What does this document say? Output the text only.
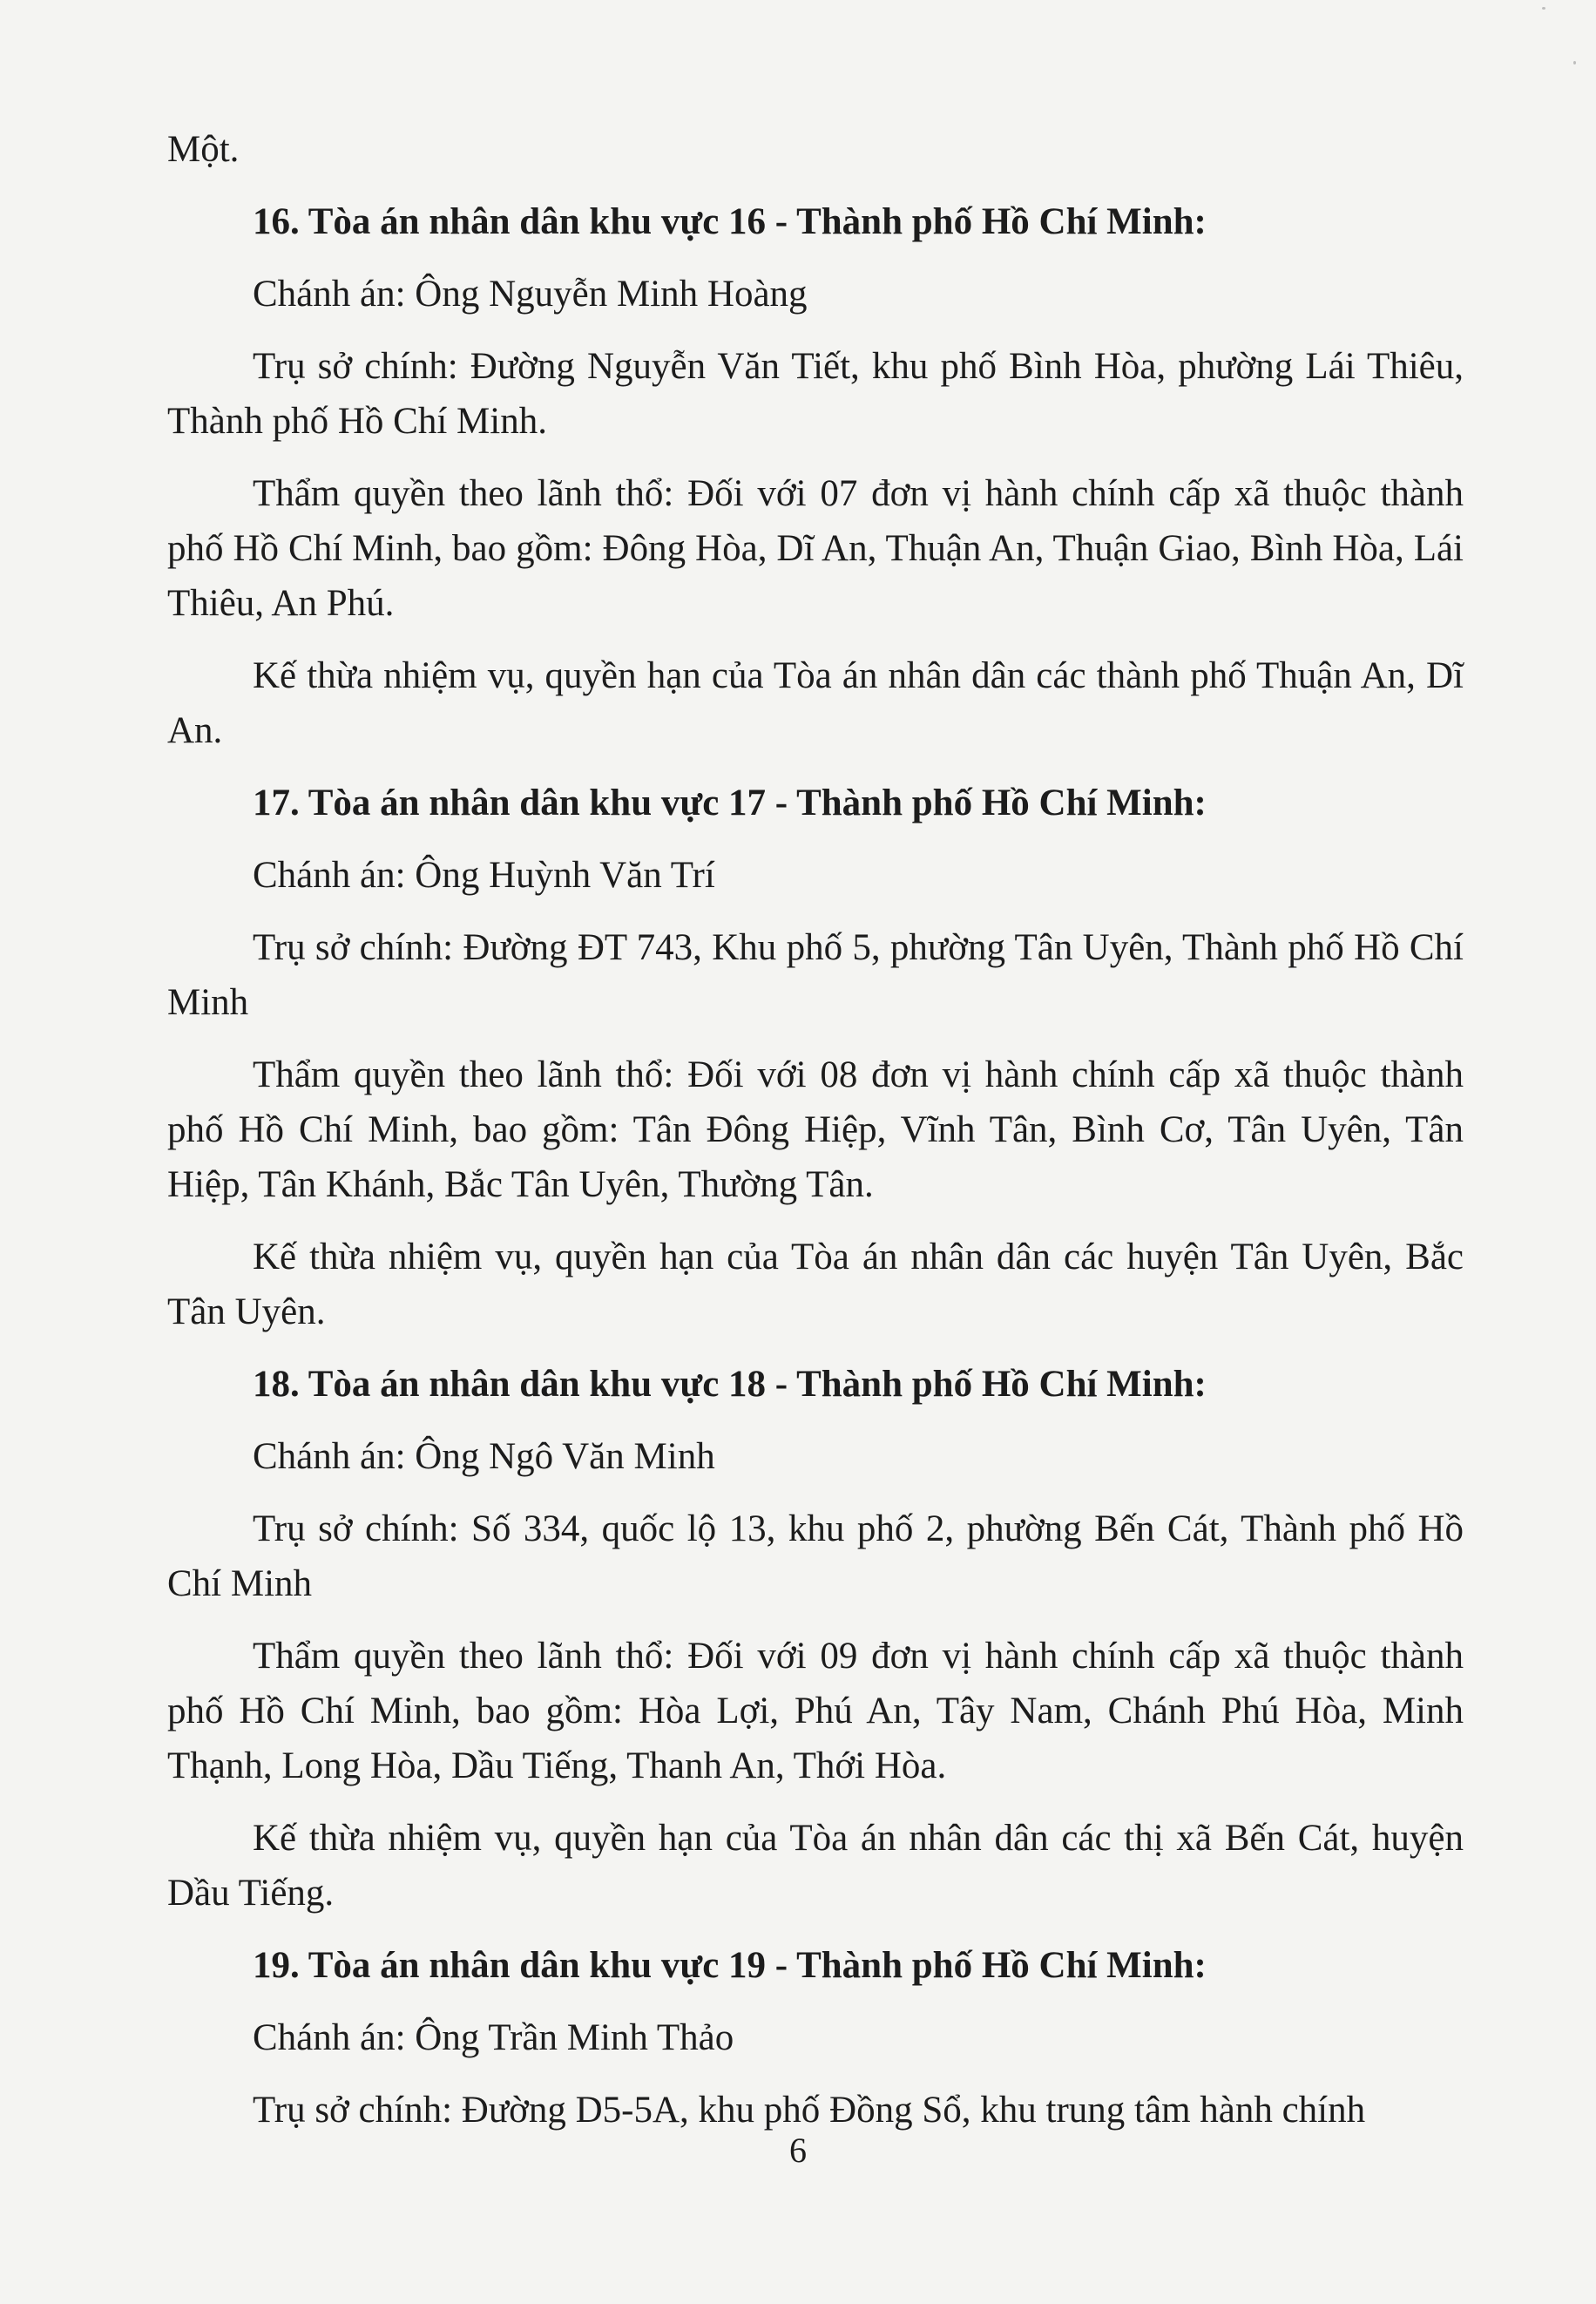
Một.

16. Tòa án nhân dân khu vực 16 - Thành phố Hồ Chí Minh:

Chánh án: Ông Nguyễn Minh Hoàng

Trụ sở chính: Đường Nguyễn Văn Tiết, khu phố Bình Hòa, phường Lái Thiêu, Thành phố Hồ Chí Minh.

Thẩm quyền theo lãnh thổ: Đối với 07 đơn vị hành chính cấp xã thuộc thành phố Hồ Chí Minh, bao gồm: Đông Hòa, Dĩ An, Thuận An, Thuận Giao, Bình Hòa, Lái Thiêu, An Phú.

Kế thừa nhiệm vụ, quyền hạn của Tòa án nhân dân các thành phố Thuận An, Dĩ An.

17. Tòa án nhân dân khu vực 17 - Thành phố Hồ Chí Minh:

Chánh án: Ông Huỳnh Văn Trí

Trụ sở chính: Đường ĐT 743, Khu phố 5, phường Tân Uyên, Thành phố Hồ Chí Minh

Thẩm quyền theo lãnh thổ: Đối với 08 đơn vị hành chính cấp xã thuộc thành phố Hồ Chí Minh, bao gồm: Tân Đông Hiệp, Vĩnh Tân, Bình Cơ, Tân Uyên, Tân Hiệp, Tân Khánh, Bắc Tân Uyên, Thường Tân.

Kế thừa nhiệm vụ, quyền hạn của Tòa án nhân dân các huyện Tân Uyên, Bắc Tân Uyên.

18. Tòa án nhân dân khu vực 18 - Thành phố Hồ Chí Minh:

Chánh án: Ông Ngô Văn Minh

Trụ sở chính: Số 334, quốc lộ 13, khu phố 2, phường Bến Cát, Thành phố Hồ Chí Minh

Thẩm quyền theo lãnh thổ: Đối với 09 đơn vị hành chính cấp xã thuộc thành phố Hồ Chí Minh, bao gồm: Hòa Lợi, Phú An, Tây Nam, Chánh Phú Hòa, Minh Thạnh, Long Hòa, Dầu Tiếng, Thanh An, Thới Hòa.

Kế thừa nhiệm vụ, quyền hạn của Tòa án nhân dân các thị xã Bến Cát, huyện Dầu Tiếng.

19. Tòa án nhân dân khu vực 19 - Thành phố Hồ Chí Minh:

Chánh án: Ông Trần Minh Thảo

Trụ sở chính: Đường D5-5A, khu phố Đồng Sổ, khu trung tâm hành chính

6
